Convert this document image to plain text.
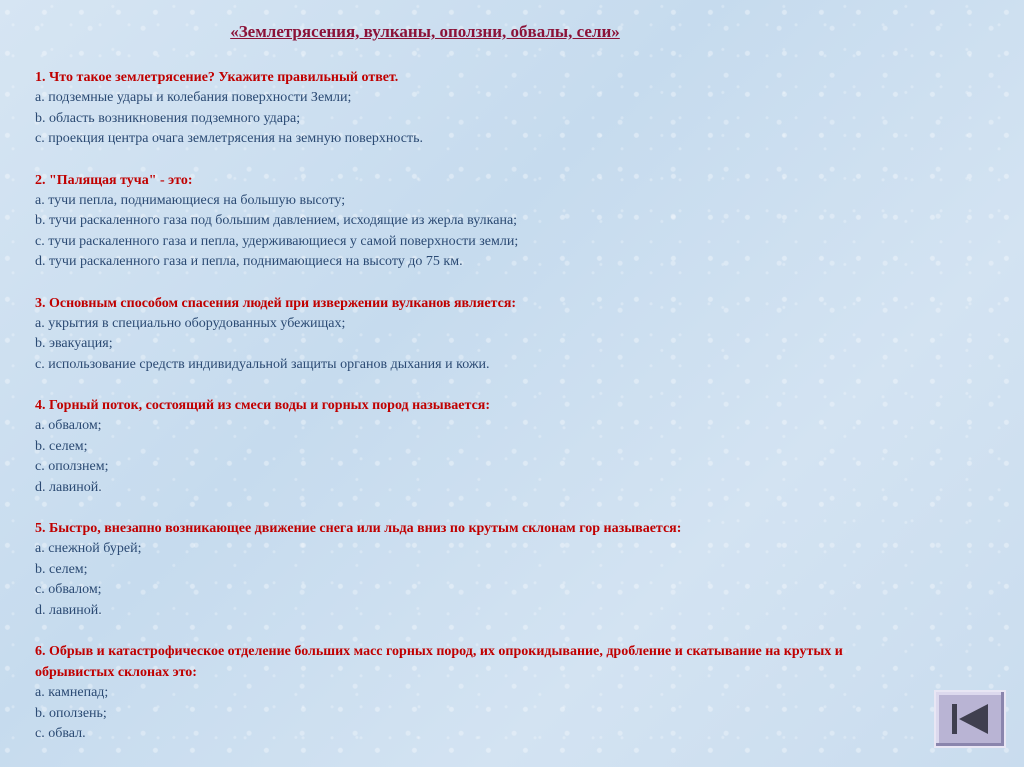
«Землетрясения, вулканы, оползни, обвалы, сели»
1. Что такое землетрясение? Укажите правильный ответ.
a. подземные удары и колебания поверхности Земли;
b. область возникновения подземного удара;
c. проекция центра очага землетрясения на земную поверхность.
2. "Палящая туча" - это:
a. тучи пепла, поднимающиеся на большую высоту;
b. тучи раскаленного газа под большим давлением, исходящие из жерла вулкана;
c. тучи раскаленного газа и пепла, удерживающиеся у самой поверхности земли;
d. тучи раскаленного газа и пепла, поднимающиеся на высоту до 75 км.
3. Основным способом спасения людей при извержении вулканов является:
a. укрытия в специально оборудованных убежищах;
b. эвакуация;
c. использование средств индивидуальной защиты органов дыхания и кожи.
4. Горный поток, состоящий из смеси воды и горных пород называется:
a. обвалом;
b. селем;
c. оползнем;
d. лавиной.
5. Быстро, внезапно возникающее движение снега или льда вниз по крутым склонам гор называется:
a. снежной бурей;
b. селем;
c. обвалом;
d. лавиной.
6. Обрыв и катастрофическое отделение больших масс горных пород, их опрокидывание, дробление и скатывание на крутых и обрывистых склонах это:
a. камнепад;
b. оползень;
c. обвал.
